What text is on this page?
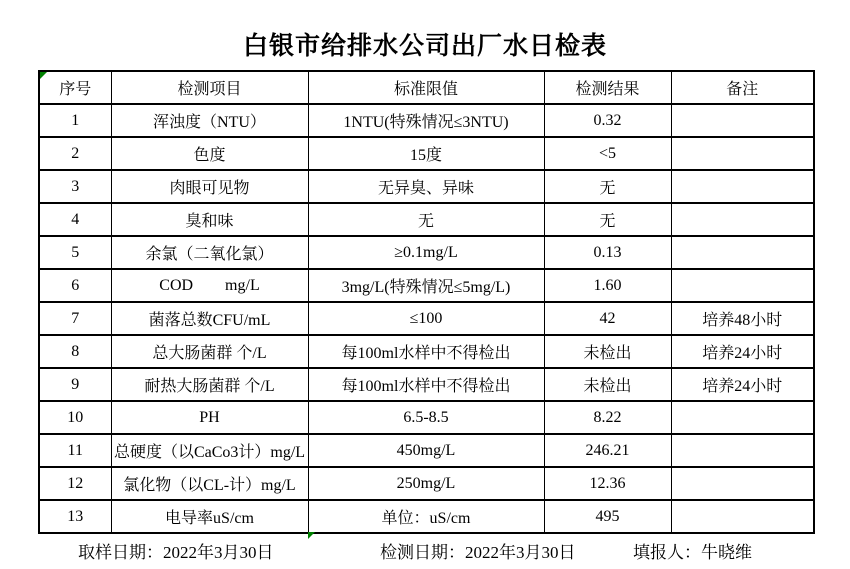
白银市给排水公司出厂水日检表
序号	检测项目	标准限值	检测结果	备注
1	浑浊度（NTU）	1NTU(特殊情况≤3NTU)	0.32	
2	色度	15度	<5	
3	肉眼可见物	无异臭、异味	无	
4	臭和味	无	无	
5	余氯（二氧化氯）	≥0.1mg/L	0.13	
6	COD        mg/L	3mg/L(特殊情况≤5mg/L)	1.60	
7	菌落总数CFU/mL	≤100	42	培养48小时
8	总大肠菌群 个/L	每100ml水样中不得检出	未检出	培养24小时
9	耐热大肠菌群 个/L	每100ml水样中不得检出	未检出	培养24小时
10	PH	6.5-8.5	8.22	
11	总硬度（以CaCo3计）mg/L	450mg/L	246.21	
12	氯化物（以CL-计）mg/L	250mg/L	12.36	
13	电导率uS/cm	单位：uS/cm	495	
取样日期：2022年3月30日	检测日期：2022年3月30日	填报人：牛晓维
